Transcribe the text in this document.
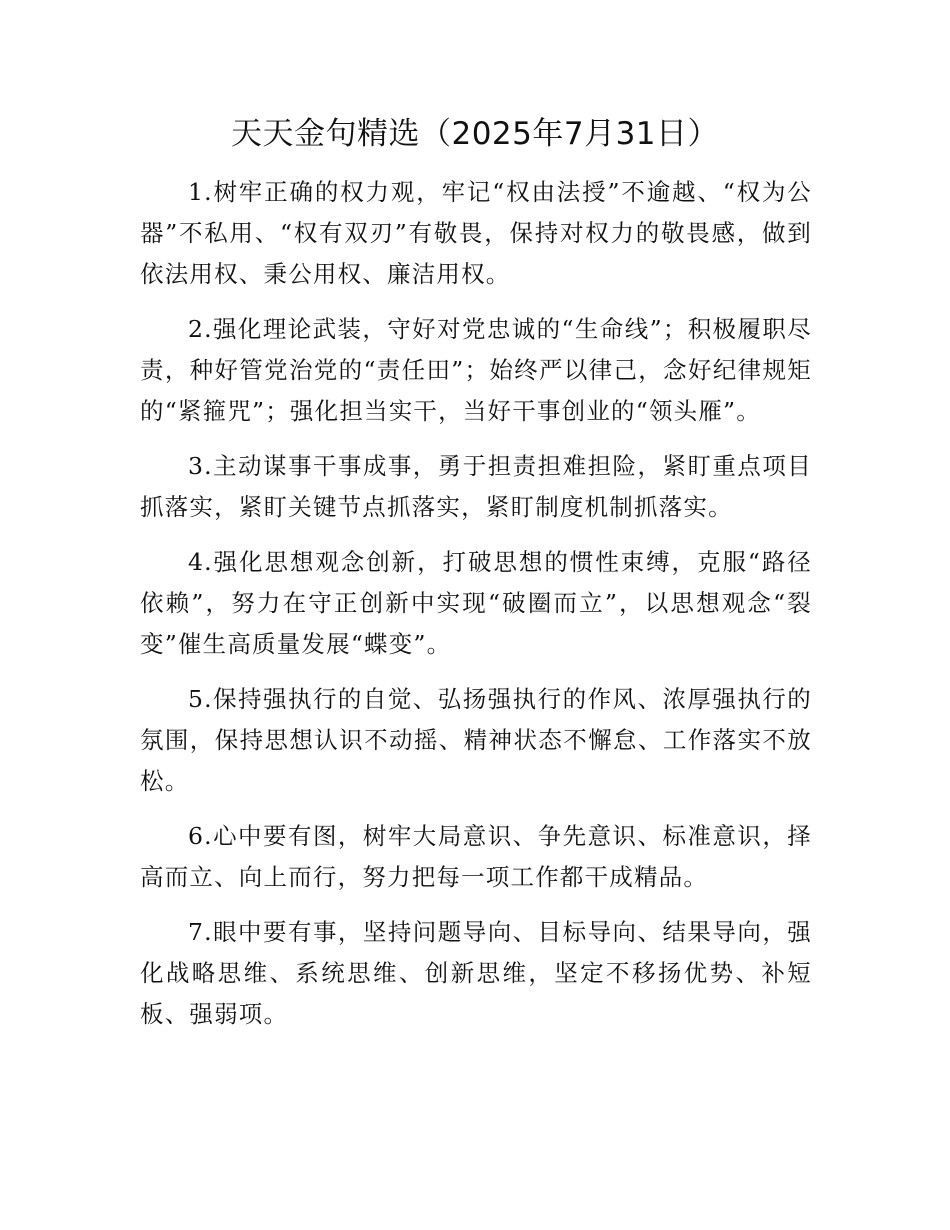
天天金句精选（2025年7月31日）

1.树牢正确的权力观，牢记“权由法授”不逾越、“权为公器”不私用、“权有双刃”有敬畏，保持对权力的敬畏感，做到依法用权、秉公用权、廉洁用权。

2.强化理论武装，守好对党忠诚的“生命线”；积极履职尽责，种好管党治党的“责任田”；始终严以律己，念好纪律规矩的“紧箍咒”；强化担当实干，当好干事创业的“领头雁”。

3.主动谋事干事成事，勇于担责担难担险，紧盯重点项目抓落实，紧盯关键节点抓落实，紧盯制度机制抓落实。

4.强化思想观念创新，打破思想的惯性束缚，克服“路径依赖”，努力在守正创新中实现“破圈而立”，以思想观念“裂变”催生高质量发展“蝶变”。

5.保持强执行的自觉、弘扬强执行的作风、浓厚强执行的氛围，保持思想认识不动摇、精神状态不懈怠、工作落实不放松。

6.心中要有图，树牢大局意识、争先意识、标准意识，择高而立、向上而行，努力把每一项工作都干成精品。

7.眼中要有事，坚持问题导向、目标导向、结果导向，强化战略思维、系统思维、创新思维，坚定不移扬优势、补短板、强弱项。
